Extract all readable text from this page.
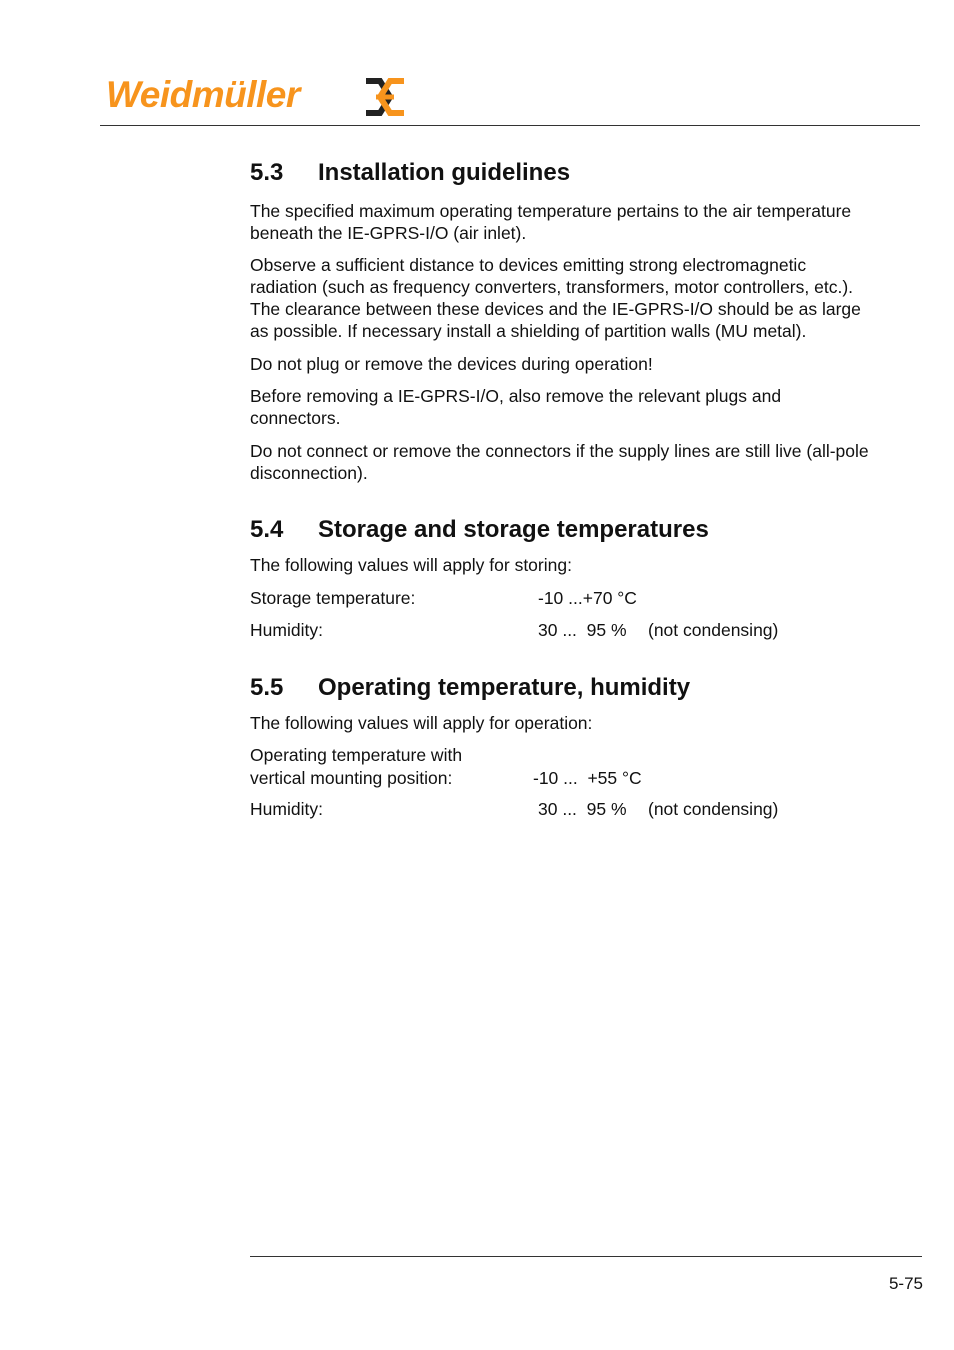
Weidmüller
5.3	Installation guidelines

The specified maximum operating temperature pertains to the air temperature beneath the IE-GPRS-I/O (air inlet).

Observe a sufficient distance to devices emitting strong electromagnetic radiation (such as frequency converters, transformers, motor controllers, etc.). The clearance between these devices and the IE-GPRS-I/O should be as large as possible. If necessary install a shielding of partition walls (MU metal).

Do not plug or remove the devices during operation!

Before removing a IE-GPRS-I/O, also remove the relevant plugs and connectors.

Do not connect or remove the connectors if the supply lines are still live (all-pole disconnection).

5.4	Storage and storage temperatures

The following values will apply for storing:

Storage temperature:	-10 ...+70 °C
Humidity:	30 ...  95 %	(not condensing)
5.5	Operating temperature, humidity

The following values will apply for operation:

Operating temperature with
vertical mounting position:	-10 ...  +55 °C
Humidity:	30 ...  95 %	(not condensing)
5-75
